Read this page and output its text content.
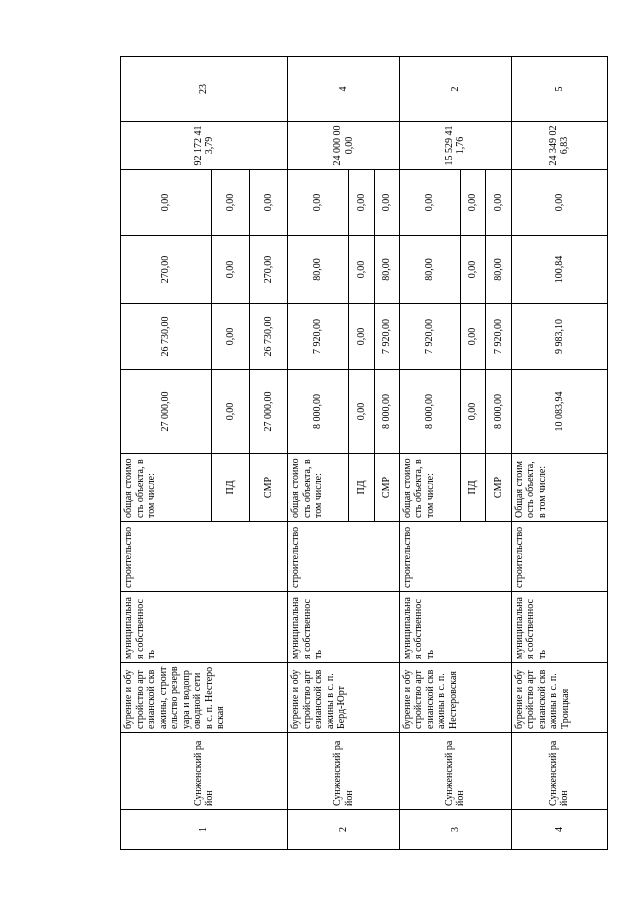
1	Сунженский район	бурение и обустройство артезианской скважины, строительство резервуара и водопроводной сети в с. п. Нестеровская	муниципальная собственность	строительство	общая стоимость объекта, в том числе:	27 000,00	26 730,00	270,00	0,00	92 172 413,79	23
					ПД	0,00	0,00	0,00	0,00		
					СМР	27 000,00	26 730,00	270,00	0,00		
2	Сунженский район	бурение и обустройство артезианской скважины в с. п. Берд-Юрт	муниципальная собственность	строительство	общая стоимость объекта, в том числе:	8 000,00	7 920,00	80,00	0,00	24 000 000,00	4
					ПД	0,00	0,00	0,00	0,00		
					СМР	8 000,00	7 920,00	80,00	0,00		
3	Сунженский район	бурение и обустройство артезианской скважины в с. п. Нестеровская	муниципальная собственность	строительство	общая стоимость объекта, в том числе:	8 000,00	7 920,00	80,00	0,00	15 529 411,76	2
					ПД	0,00	0,00	0,00	0,00		
					СМР	8 000,00	7 920,00	80,00	0,00		
4	Сунженский район	бурение и обустройство артезианской скважины в с. п. Троицкая	муниципальная собственность	строительство	Общая стоимость объекта, в том числе:	10 083,94	9 983,10	100,84	0,00	24 349 026,83	5
